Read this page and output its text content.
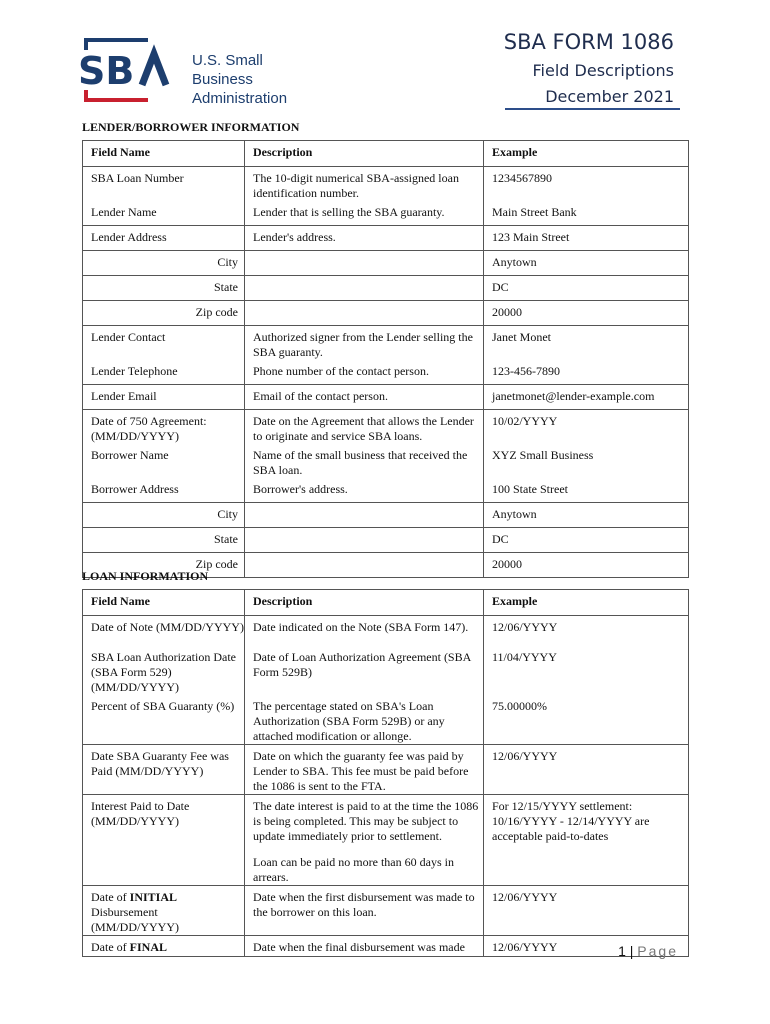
SB	U.S. Small Business
Administration
SBA FORM 1086
Field Descriptions
December 2021
LENDER/BORROWER INFORMATION
Field Name	Description	Example
SBA Loan Number	The 10-digit numerical SBA-assigned loan identification number.	1234567890
Lender Name	Lender that is selling the SBA guaranty.	Main Street Bank
Lender Address	Lender's address.	123 Main Street
City		Anytown
State		DC
Zip code		20000
Lender Contact	Authorized signer from the Lender selling the SBA guaranty.	Janet Monet
Lender Telephone	Phone number of the contact person.	123-456-7890
Lender Email	Email of the contact person.	janetmonet@lender-example.com
Date of 750 Agreement: (MM/DD/YYYY)	Date on the Agreement that allows the Lender to originate and service SBA loans.	10/02/YYYY
Borrower Name	Name of the small business that received the SBA loan.	XYZ Small Business
Borrower Address	Borrower's address.	100 State Street
City		Anytown
State		DC
Zip code		20000
LOAN INFORMATION
Field Name	Description	Example
Date of Note (MM/DD/YYYY)	Date indicated on the Note (SBA Form 147).	12/06/YYYY
SBA Loan Authorization Date (SBA Form 529) (MM/DD/YYYY)	Date of Loan Authorization Agreement (SBA Form 529B)	11/04/YYYY
Percent of SBA Guaranty (%)	The percentage stated on SBA's Loan Authorization (SBA Form 529B) or any attached modification or allonge.	75.00000%
Date SBA Guaranty Fee was Paid (MM/DD/YYYY)	Date on which the guaranty fee was paid by Lender to SBA. This fee must be paid before the 1086 is sent to the FTA.	12/06/YYYY
Interest Paid to Date (MM/DD/YYYY)	The date interest is paid to at the time the 1086 is being completed. This may be subject to update immediately prior to settlement.	For 12/15/YYYY settlement: 10/16/YYYY - 12/14/YYYY are acceptable paid-to-dates
	Loan can be paid no more than 60 days in arrears.	
Date of INITIAL Disbursement (MM/DD/YYYY)	Date when the first disbursement was made to the borrower on this loan.	12/06/YYYY
Date of FINAL	Date when the final disbursement was made	12/06/YYYY	1 | Page
